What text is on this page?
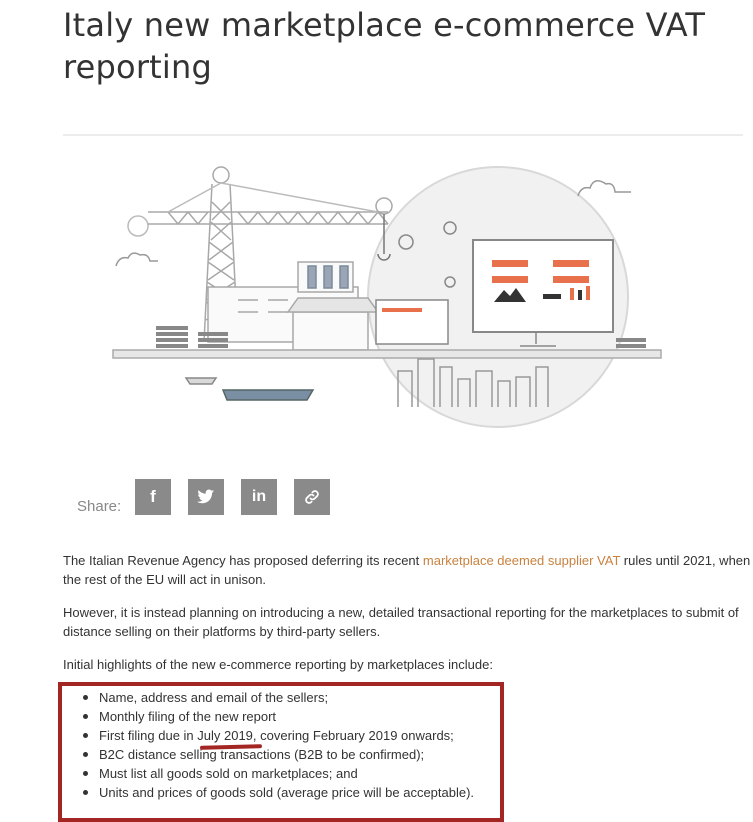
Italy new marketplace e-commerce VAT reporting
Share:
f	in

The Italian Revenue Agency has proposed deferring its recent marketplace deemed supplier VAT rules until 2021, when the rest of the EU will act in unison.

However, it is instead planning on introducing a new, detailed transactional reporting for the marketplaces to submit of distance selling on their platforms by third-party sellers.

Initial highlights of the new e-commerce reporting by marketplaces include:

Name, address and email of the sellers;
Monthly filing of the new report
First filing due in July 2019, covering February 2019 onwards;
B2C distance selling transactions (B2B to be confirmed);
Must list all goods sold on marketplaces; and
Units and prices of goods sold (average price will be acceptable).
